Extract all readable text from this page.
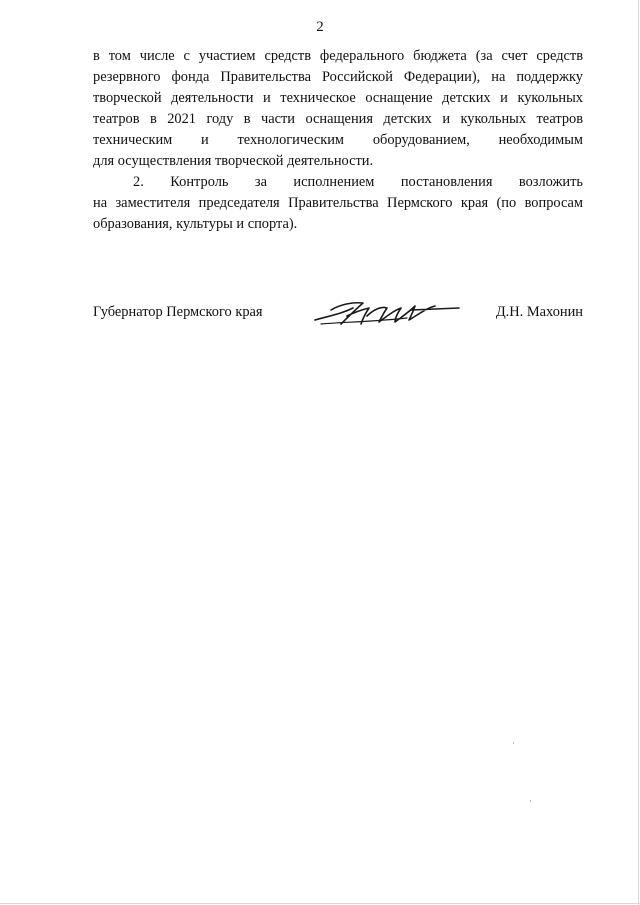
2
в том числе с участием средств федерального бюджета (за счет средств
резервного фонда Правительства Российской Федерации), на поддержку
творческой деятельности и техническое оснащение детских и кукольных
театров в 2021 году в части оснащения детских и кукольных театров
техническим и технологическим оборудованием, необходимым
для осуществления творческой деятельности.
2. Контроль за исполнением постановления возложить
на заместителя председателя Правительства Пермского края (по вопросам
образования, культуры и спорта).
Губернатор Пермского края	Д.Н. Махонин
